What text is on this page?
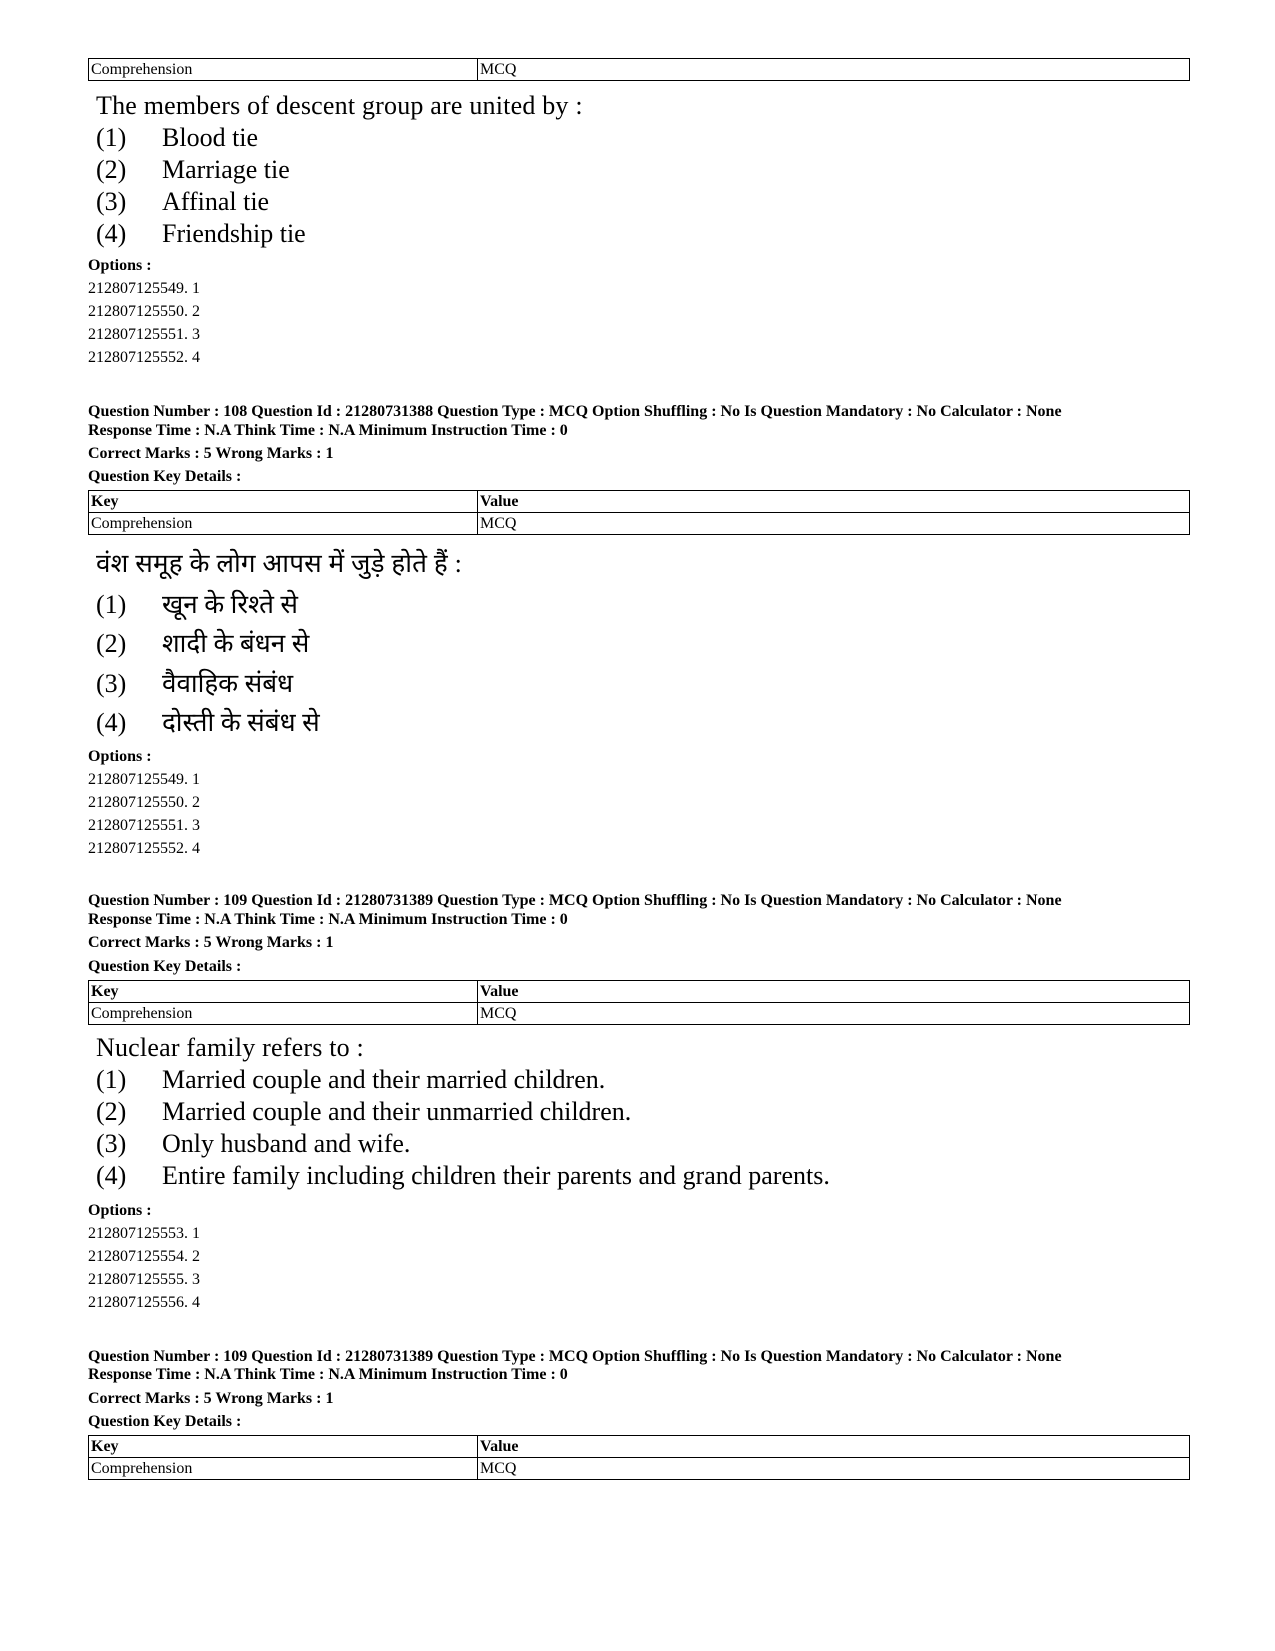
Comprehension	MCQ
The members of descent group are united by :
(1) Blood tie
(2) Marriage tie
(3) Affinal tie
(4) Friendship tie
Options :
212807125549. 1
212807125550. 2
212807125551. 3
212807125552. 4
Question Number : 108 Question Id : 21280731388 Question Type : MCQ Option Shuffling : No Is Question Mandatory : No Calculator : None
Response Time : N.A Think Time : N.A Minimum Instruction Time : 0
Correct Marks : 5 Wrong Marks : 1
Question Key Details :
Key	Value
Comprehension	MCQ
वंश समूह के लोग आपस में जुड़े होते हैं :
(1) खून के रिश्ते से
(2) शादी के बंधन से
(3) वैवाहिक संबंध
(4) दोस्ती के संबंध से
Options :
212807125549. 1
212807125550. 2
212807125551. 3
212807125552. 4
Question Number : 109 Question Id : 21280731389 Question Type : MCQ Option Shuffling : No Is Question Mandatory : No Calculator : None
Response Time : N.A Think Time : N.A Minimum Instruction Time : 0
Correct Marks : 5 Wrong Marks : 1
Question Key Details :
Key	Value
Comprehension	MCQ
Nuclear family refers to :
(1) Married couple and their married children.
(2) Married couple and their unmarried children.
(3) Only husband and wife.
(4) Entire family including children their parents and grand parents.
Options :
212807125553. 1
212807125554. 2
212807125555. 3
212807125556. 4
Question Number : 109 Question Id : 21280731389 Question Type : MCQ Option Shuffling : No Is Question Mandatory : No Calculator : None
Response Time : N.A Think Time : N.A Minimum Instruction Time : 0
Correct Marks : 5 Wrong Marks : 1
Question Key Details :
Key	Value
Comprehension	MCQ
